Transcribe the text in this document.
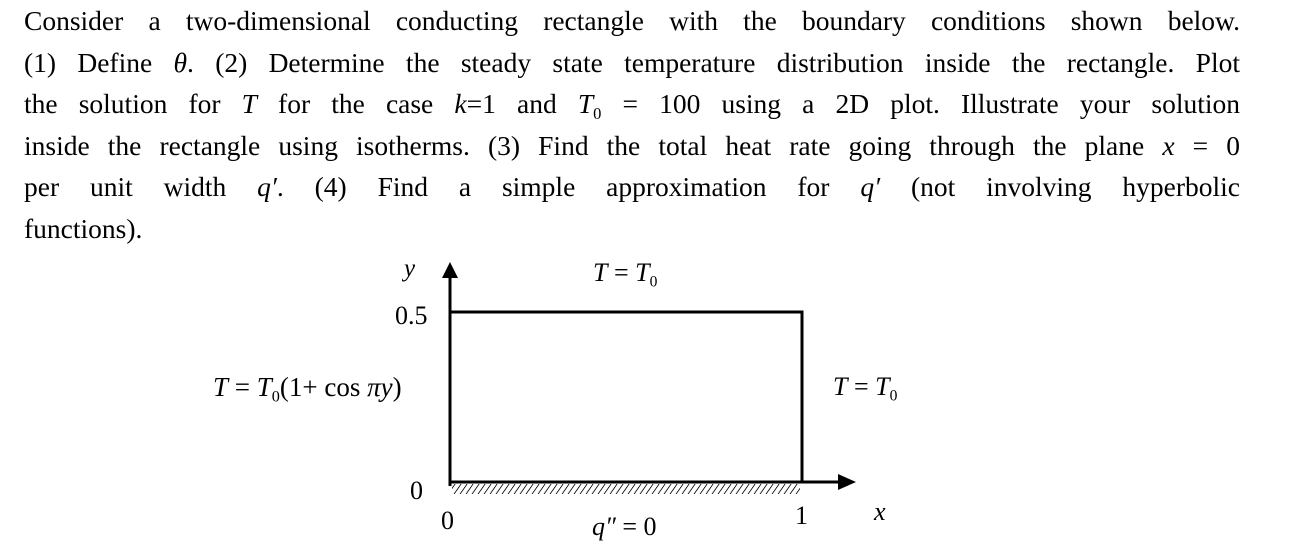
Consider a two-dimensional conducting rectangle with the boundary conditions shown below.
(1) Define θ. (2) Determine the steady state temperature distribution inside the rectangle. Plot
the solution for T for the case k=1 and $T_0 = 100$ using a 2D plot. Illustrate your solution
inside the rectangle using isotherms. (3) Find the total heat rate going through the plane x = 0
per unit width q′. (4) Find a simple approximation for q′ (not involving hyperbolic
functions).
y
0.5
0
0	1	x
$T = T_0$
$T = T_0$
$T = T_0(1+ \cos \pi y)$
q″ = 0
